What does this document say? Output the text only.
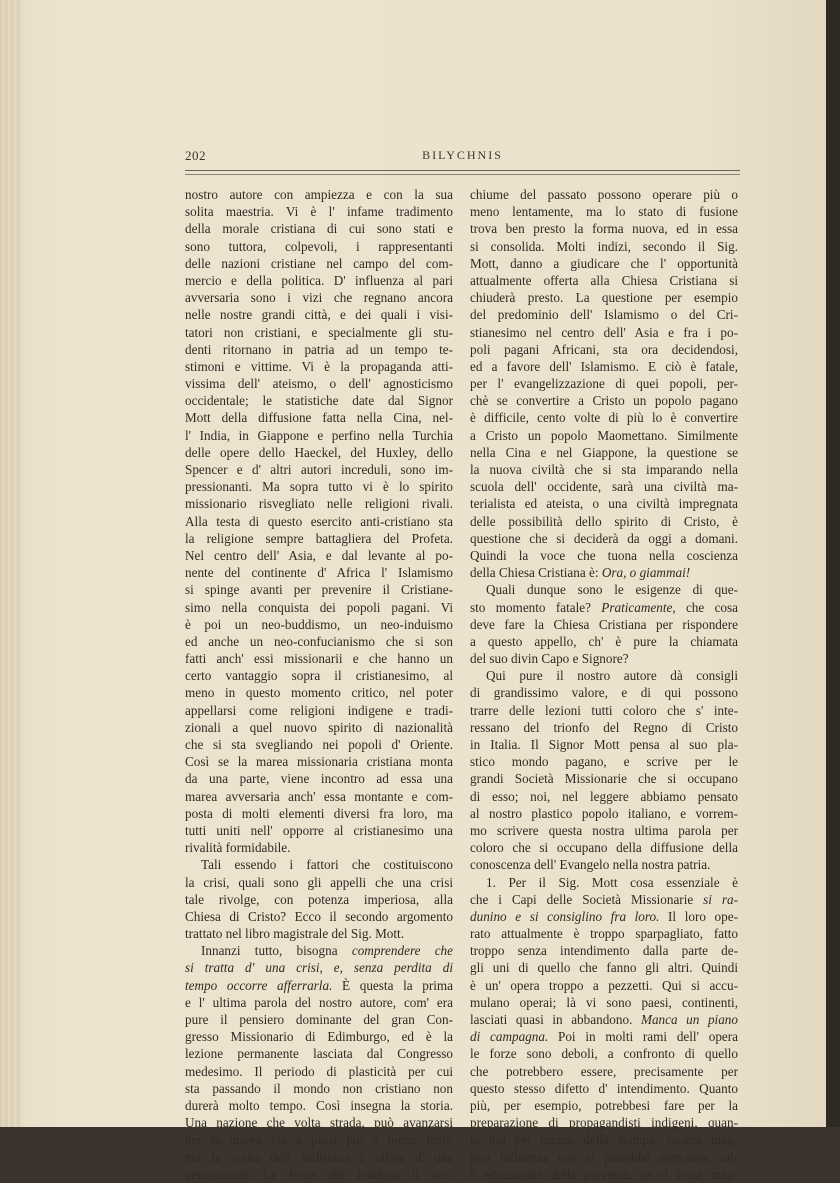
202	BILYCHNIS
nostro autore con ampiezza e con la sua
solita maestria. Vi è l' infame tradimento
della morale cristiana di cui sono stati e
sono tuttora, colpevoli, i rappresentanti
delle nazioni cristiane nel campo del com-
mercio e della politica. D' influenza al pari
avversaria sono i vizi che regnano ancora
nelle nostre grandi città, e dei quali i visi-
tatori non cristiani, e specialmente gli stu-
denti ritornano in patria ad un tempo te-
stimoni e vittime. Vi è la propaganda atti-
vissima dell' ateismo, o dell' agnosticismo
occidentale; le statistiche date dal Signor
Mott della diffusione fatta nella Cina, nel-
l' India, in Giappone e perfino nella Turchia
delle opere dello Haeckel, del Huxley, dello
Spencer e d' altri autori increduli, sono im-
pressionanti. Ma sopra tutto vi è lo spirito
missionario risvegliato nelle religioni rivali.
Alla testa di questo esercito anti-cristiano sta
la religione sempre battagliera del Profeta.
Nel centro dell' Asia, e dal levante al po-
nente del continente d' Africa l' Islamismo
si spinge avanti per prevenire il Cristiane-
simo nella conquista dei popoli pagani. Vi
è poi un neo-buddismo, un neo-induismo
ed anche un neo-confucianismo che si son
fatti anch' essi missionarii e che hanno un
certo vantaggio sopra il cristianesimo, al
meno in questo momento critico, nel poter
appellarsi come religioni indigene e tradi-
zionali a quel nuovo spirito di nazionalità
che si sta svegliando nei popoli d' Oriente.
Così se la marea missionaria cristiana monta
da una parte, viene incontro ad essa una
marea avversaria anch' essa montante e com-
posta di molti elementi diversi fra loro, ma
tutti uniti nell' opporre al cristianesimo una
rivalità formidabile.
Tali essendo i fattori che costituiscono
la crisi, quali sono gli appelli che una crisi
tale rivolge, con potenza imperiosa, alla
Chiesa di Cristo? Ecco il secondo argomento
trattato nel libro magistrale del Sig. Mott.
Innanzi tutto, bisogna comprendere che
si tratta d' una crisi, e, senza perdita di
tempo occorre afferrarla. È questa la prima
e l' ultima parola del nostro autore, com' era
pure il pensiero dominante del gran Con-
gresso Missionario di Edimburgo, ed è la
lezione permanente lasciata dal Congresso
medesimo. Il periodo di plasticità per cui
sta passando il mondo non cristiano non
durerà molto tempo. Così insegna la storia.
Una nazione che volta strada, può avanzarsi
per la nuova via a passi più o meno lenti,
ma la scelta dell' indirizzo è affare d' una
generazione. Le forze che fondono il vec-
chiume del passato possono operare più o
meno lentamente, ma lo stato di fusione
trova ben presto la forma nuova, ed in essa
si consolida. Molti indizi, secondo il Sig.
Mott, danno a giudicare che l' opportunità
attualmente offerta alla Chiesa Cristiana si
chiuderà presto. La questione per esempio
del predominio dell' Islamismo o del Cri-
stianesimo nel centro dell' Asia e fra i po-
poli pagani Africani, sta ora decidendosi,
ed a favore dell' Islamismo. E ciò è fatale,
per l' evangelizzazione di quei popoli, per-
chè se convertire a Cristo un popolo pagano
è difficile, cento volte di più lo è convertire
a Cristo un popolo Maomettano. Similmente
nella Cina e nel Giappone, la questione se
la nuova civiltà che si sta imparando nella
scuola dell' occidente, sarà una civiltà ma-
terialista ed ateista, o una civiltà impregnata
delle possibilità dello spirito di Cristo, è
questione che si deciderà da oggi a domani.
Quindi la voce che tuona nella coscienza
della Chiesa Cristiana è: Ora, o giammai!
Quali dunque sono le esigenze di que-
sto momento fatale? Praticamente, che cosa
deve fare la Chiesa Cristiana per rispondere
a questo appello, ch' è pure la chiamata
del suo divin Capo e Signore?
Qui pure il nostro autore dà consigli
di grandissimo valore, e di qui possono
trarre delle lezioni tutti coloro che s' inte-
ressano del trionfo del Regno di Cristo
in Italia. Il Signor Mott pensa al suo pla-
stico mondo pagano, e scrive per le
grandi Società Missionarie che si occupano
di esso; noi, nel leggere abbiamo pensato
al nostro plastico popolo italiano, e vorrem-
mo scrivere questa nostra ultima parola per
coloro che si occupano della diffusione della
conoscenza dell' Evangelo nella nostra patria.
1. Per il Sig. Mott cosa essenziale è
che i Capi delle Società Missionarie si ra-
dunino e si consiglino fra loro. Il loro ope-
rato attualmente è troppo sparpagliato, fatto
troppo senza intendimento dalla parte de-
gli uni di quello che fanno gli altri. Quindi
è un' opera troppo a pezzetti. Qui si accu-
mulano operai; là vi sono paesi, continenti,
lasciati quasi in abbandono. Manca un piano
di campagna. Poi in molti rami dell' opera
le forze sono deboli, a confronto di quello
che potrebbero essere, precisamente per
questo stesso difetto d' intendimento. Quanto
più, per esempio, potrebbesi fare per la
preparazione di propagandisti indigeni, quan-
to più per mezzo della stampa, quanta mag-
gior influenza non si potrebbe esercitare sul-
l' educazione della gioventù, se ci fosse mag-
